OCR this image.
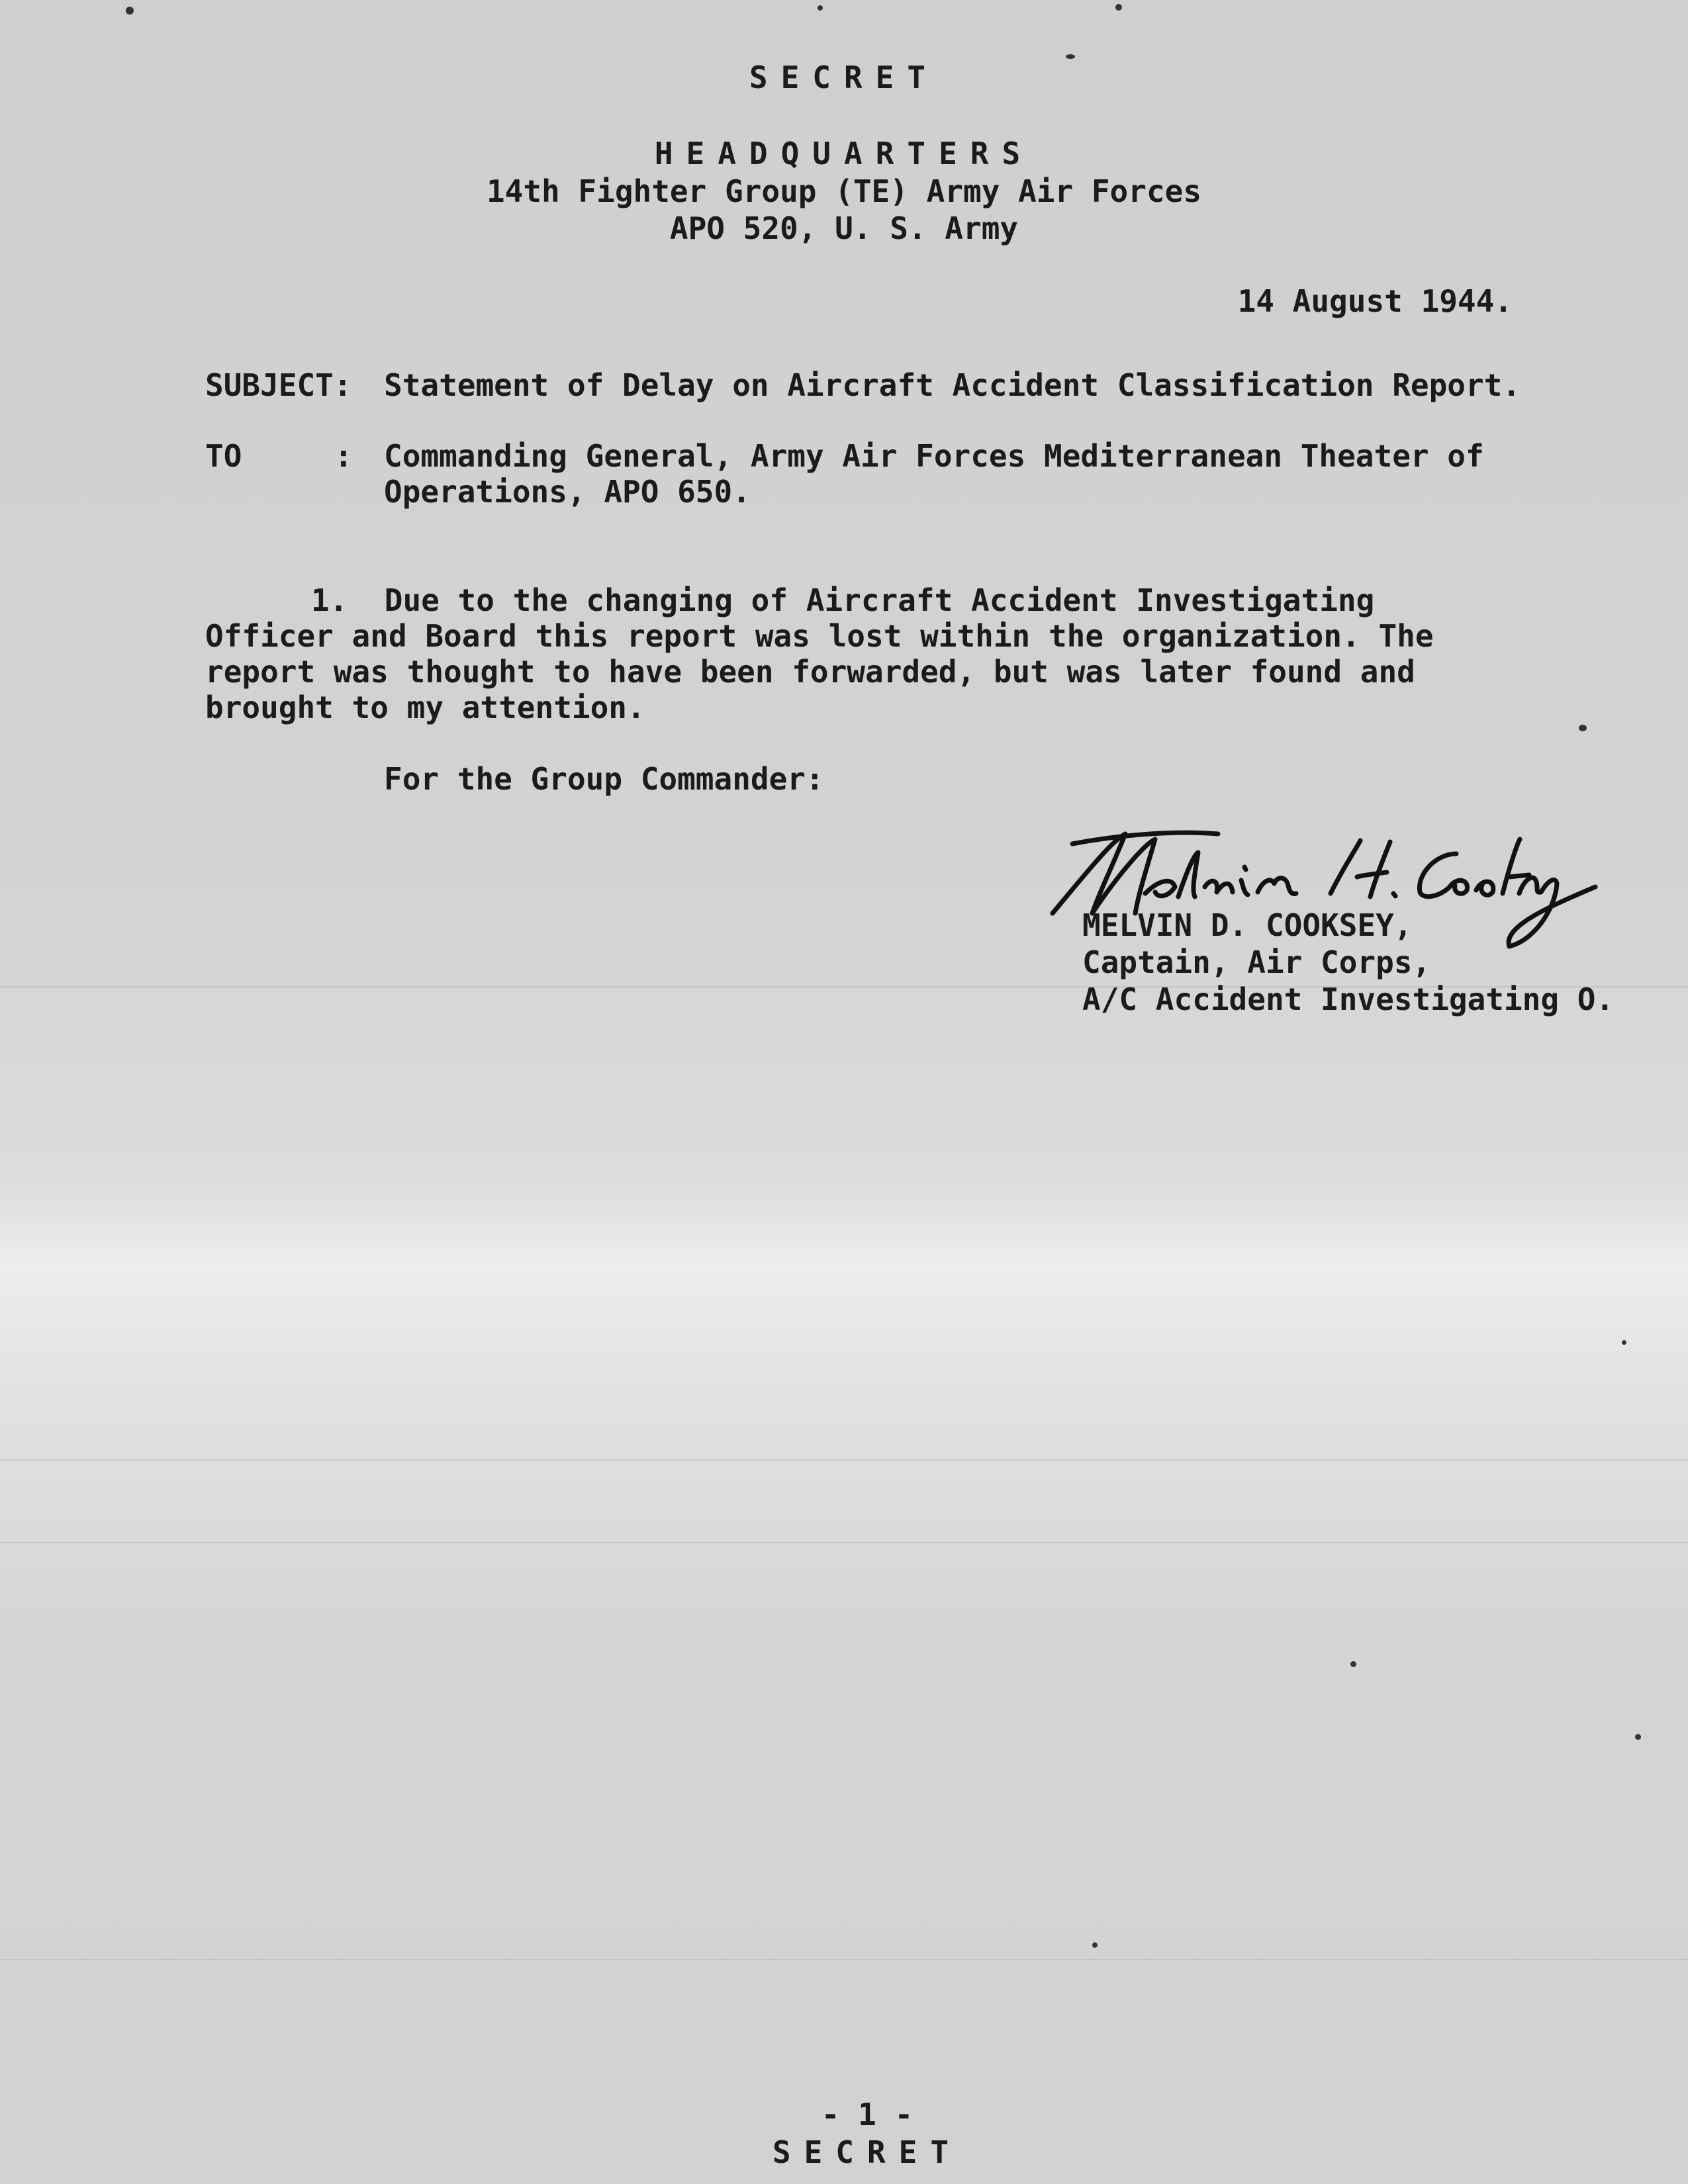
SECRET
HEADQUARTERS
14th Fighter Group (TE) Army Air Forces
APO 520, U. S. Army
14 August 1944.
SUBJECT: Statement of Delay on Aircraft Accident Classification Report.
TO	: Commanding General, Army Air Forces Mediterranean Theater of
Operations, APO 650.
1. Due to the changing of Aircraft Accident Investigating Officer and Board this report was lost within the organization. The report was thought to have been forwarded, but was later found and brought to my attention.
For the Group Commander:
MELVIN D. COOKSEY,
Captain, Air Corps,
A/C Accident Investigating O.
- 1 -
SECRET
